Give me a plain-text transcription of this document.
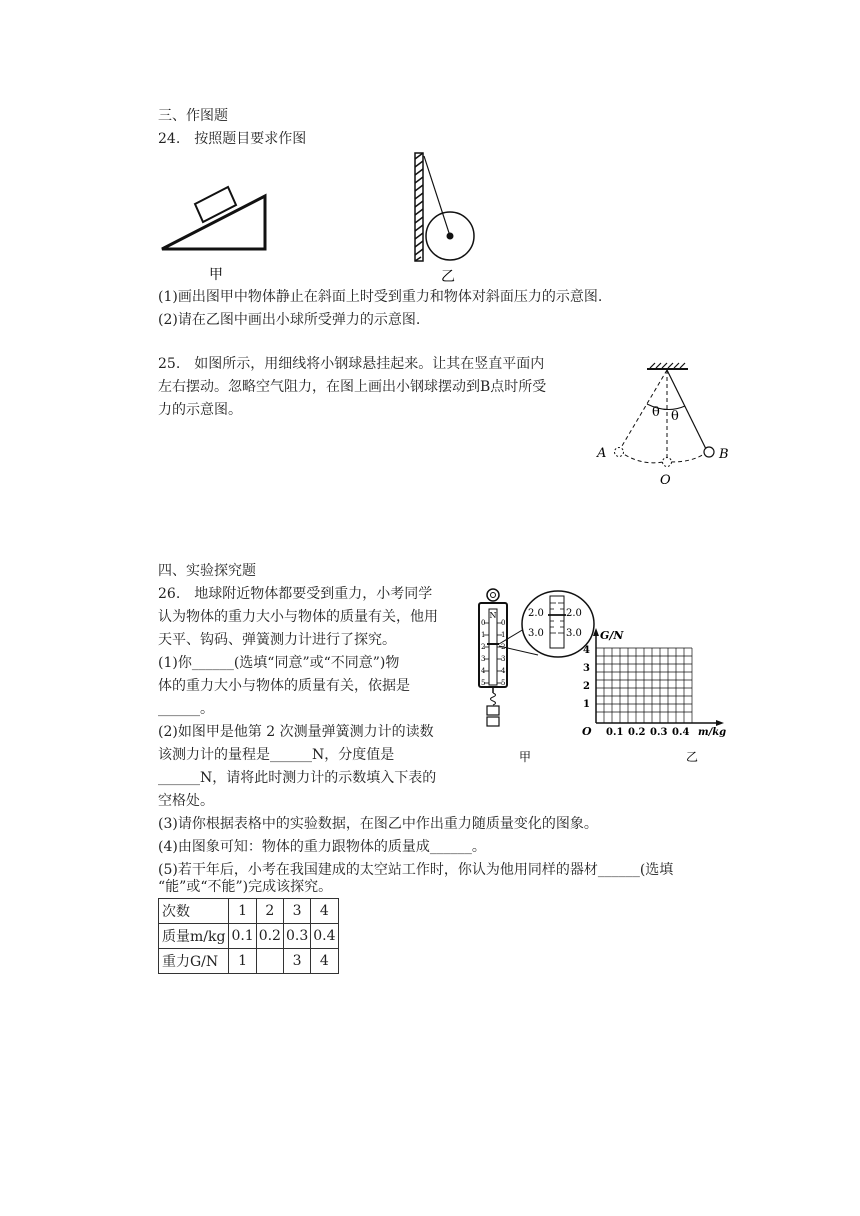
三、作图题
24.　按照题目要求作图
甲	乙
(1)画出图甲中物体静止在斜面上时受到重力和物体对斜面压力的示意图.
(2)请在乙图中画出小球所受弹力的示意图.
25.　如图所示，用细线将小钢球悬挂起来。让其在竖直平面内
左右摆动。忽略空气阻力，在图上画出小钢球摆动到B点时所受
力的示意图。	θ θ
A	B
O
四、实验探究题
26.　地球附近物体都要受到重力，小考同学
认为物体的重力大小与物体的质量有关，他用
天平、钩码、弹簧测力计进行了探究。
(1)你______(选填“同意”或“不同意”)物
体的重力大小与物体的质量有关，依据是
______。
(2)如图甲是他第 2 次测量弹簧测力计的读数
该测力计的量程是______N，分度值是
______N，请将此时测力计的示数填入下表的
空格处。
(3)请你根据表格中的实验数据，在图乙中作出重力随质量变化的图象。
(4)由图象可知：物体的重力跟物体的质量成______。
(5)若干年后，小考在我国建成的太空站工作时，你认为他用同样的器材______(选填
“能”或“不能”)完成该探究。
N
0
1
2
3
4
5
0
1
3
4
5
2.0 2.0
3.0 3.0
甲
G/N
1
2
3
4
0.1 0.2 0.3 0.4
O	m/kg
乙
次数	1	2	3	4
质量m/kg	0.1	0.2	0.3	0.4
重力G/N	1		3	4
